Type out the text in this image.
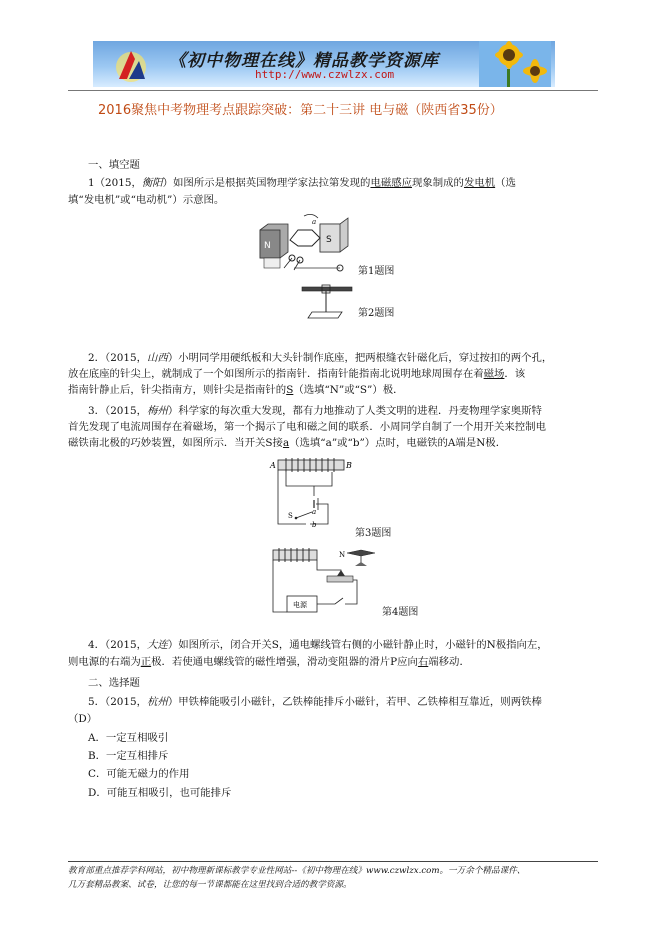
《初中物理在线》精品教学资源库
http://www.czwlzx.com
2016聚焦中考物理考点跟踪突破：第二十三讲 电与磁（陕西省35份）
一、填空题
1（2015，衡阳）如图所示是根据英国物理学家法拉第发现的电磁感应现象制成的发电机（选
填“发电机”或“电动机”）示意图。
N
S
a
第1题图
第2题图
2．（2015，山西）小明同学用硬纸板和大头针制作底座，把两根缝衣针磁化后，穿过按扣的两个孔，
放在底座的针尖上，就制成了一个如图所示的指南针．指南针能指南北说明地球周围存在着磁场．该
指南针静止后，针尖指南方，则针尖是指南针的S（选填“N”或“S”）极．
3．（2015，梅州）科学家的每次重大发现，都有力地推动了人类文明的进程．丹麦物理学家奥斯特
首先发现了电流周围存在着磁场，第一个揭示了电和磁之间的联系．小周同学自制了一个用开关来控制电
磁铁南北极的巧妙装置，如图所示．当开关S接a（选填“a”或“b”）点时，电磁铁的A端是N极．
A	B
S	a
b
第3题图
N
电源
第4题图
4．（2015，大连）如图所示，闭合开关S，通电螺线管右侧的小磁针静止时，小磁针的N极指向左，
则电源的右端为正极．若使通电螺线管的磁性增强，滑动变阻器的滑片P应向右端移动．
二、选择题
5．（2015，杭州）甲铁棒能吸引小磁针，乙铁棒能排斥小磁针，若甲、乙铁棒相互靠近，则两铁棒
（D）
A．一定互相吸引
B．一定互相排斥
C．可能无磁力的作用
D．可能互相吸引，也可能排斥
教育部重点推荐学科网站，初中物理新课标教学专业性网站--《初中物理在线》www.czwlzx.com。一万余个精品课件、
几万套精品教案、试卷，让您的每一节课都能在这里找到合适的教学资源。
